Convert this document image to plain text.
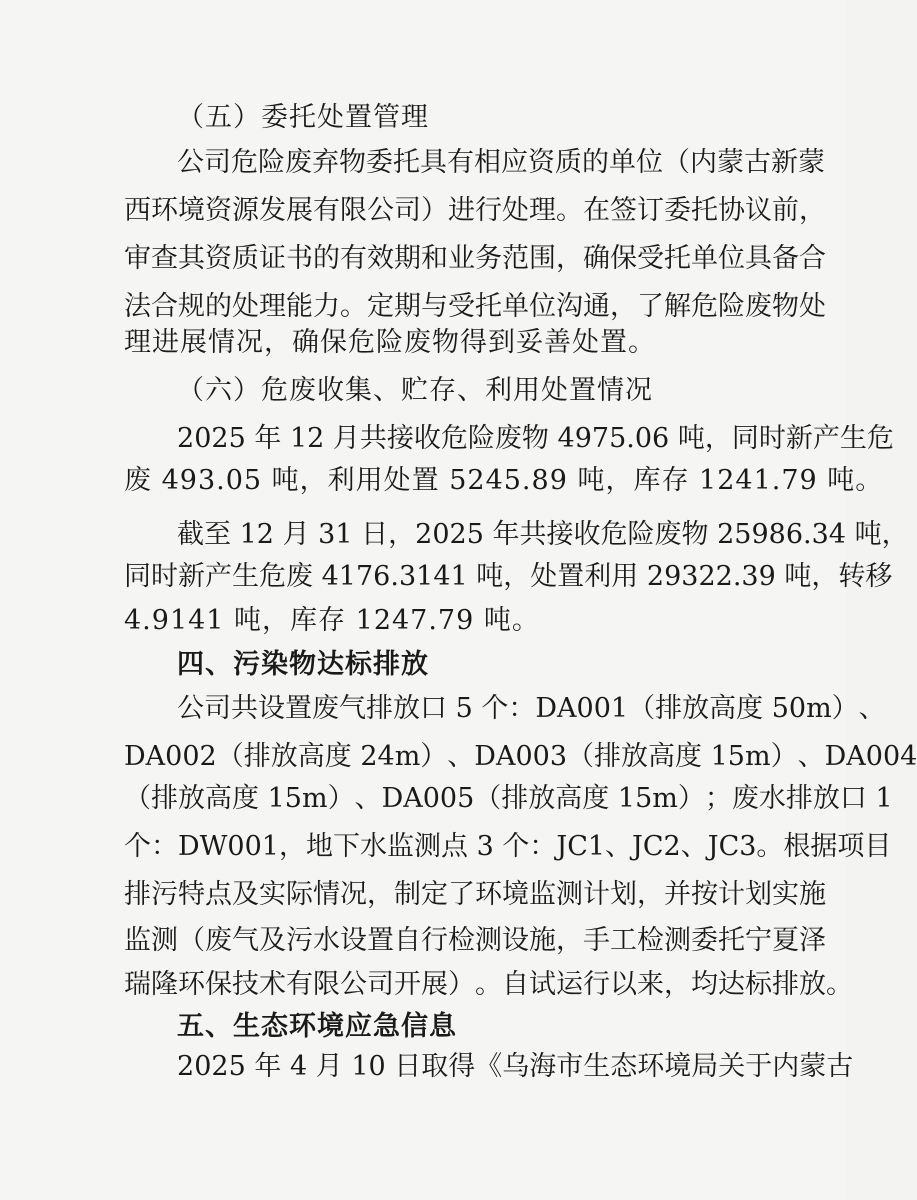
（五）委托处置管理
公 司 危 险 废 弃 物 委 托 具 有 相 应 资 质 的 单 位 （ 内 蒙 古 新 蒙
西 环 境 资 源 发 展 有 限 公 司 ） 进 行 处 理 。 在 签 订 委 托 协 议 前 ，
审 查 其 资 质 证 书 的 有 效 期 和 业 务 范 围 ， 确 保 受 托 单 位 具 备 合
法 合 规 的 处 理 能 力 。 定 期 与 受 托 单 位 沟 通 ， 了 解 危 险 废 物 处
理进展情况，确保危险废物得到妥善处置。
（六）危废收集、贮存、利用处置情况
2 0 2 5
年
1 2
月 共 接 收 危 险 废 物
4 9 7 5 . 0 6
吨 ， 同 时 新 产 生 危
废 493.05 吨，利用处置 5245.89 吨，库存 1241.79 吨。
截 至
1 2
月
3 1
日 ， 2 0 2 5
年 共 接 收 危 险 废 物
2 5 9 8 6 . 3 4
吨 ，
同 时 新 产 生 危 废
4 1 7 6 . 3 1 4 1
吨 ， 处 置 利 用
2 9 3 2 2 . 3 9
吨 ， 转 移
4.9141 吨，库存 1247.79 吨。
四、污染物达标排放
公 司 共 设 置 废 气 排 放 口
5
个 ： D A 0 0 1 （ 排 放 高 度
5 0 m ） 、
D A 0 0 2 （ 排 放 高 度
2 4 m ） 、 D A 0 0 3 （ 排 放 高 度
1 5 m ） 、 D A 0 0 4
（ 排 放 高 度
1 5 m ） 、 D A 0 0 5 （ 排 放 高 度
1 5 m ） ； 废 水 排 放 口
1
个 ： D W 0 0 1 ， 地 下 水 监 测 点
3
个 ： J C 1 、 J C 2 、 J C 3 。 根 据 项 目
排 污 特 点 及 实 际 情 况 ， 制 定 了 环 境 监 测 计 划 ， 并 按 计 划 实 施
监 测 （ 废 气 及 污 水 设 置 自 行 检 测 设 施 ， 手 工 检 测 委 托 宁 夏 泽
瑞 隆 环 保 技 术 有 限 公 司 开 展 ） 。 自 试 运 行 以 来 ， 均 达 标 排 放 。
五、生态环境应急信息
2 0 2 5
年
4
月
1 0
日 取 得 《 乌 海 市 生 态 环 境 局 关 于 内 蒙 古
